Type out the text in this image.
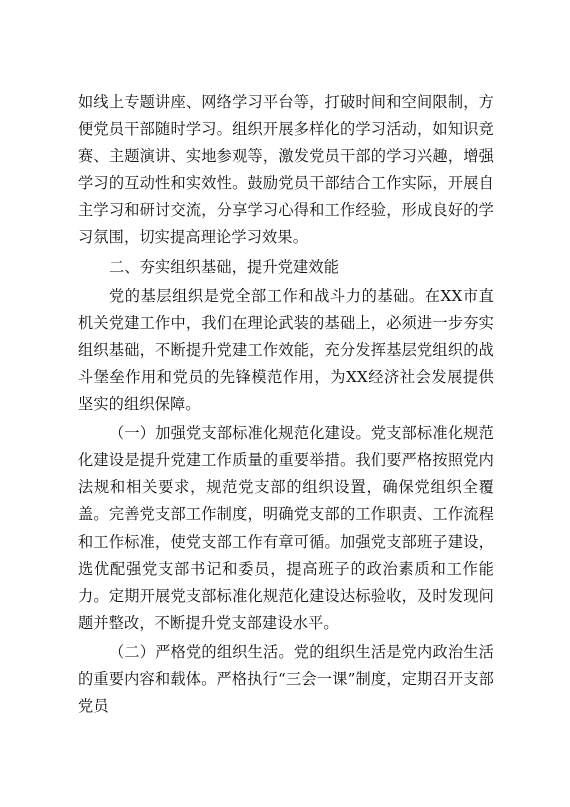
如线上专题讲座、网络学习平台等，打破时间和空间限制，方便党员干部随时学习。组织开展多样化的学习活动，如知识竞赛、主题演讲、实地参观等，激发党员干部的学习兴趣，增强学习的互动性和实效性。鼓励党员干部结合工作实际，开展自主学习和研讨交流，分享学习心得和工作经验，形成良好的学习氛围，切实提高理论学习效果。

二、夯实组织基础，提升党建效能

党的基层组织是党全部工作和战斗力的基础。在XX市直机关党建工作中，我们在理论武装的基础上，必须进一步夯实组织基础，不断提升党建工作效能，充分发挥基层党组织的战斗堡垒作用和党员的先锋模范作用，为XX经济社会发展提供坚实的组织保障。

（一）加强党支部标准化规范化建设。党支部标准化规范化建设是提升党建工作质量的重要举措。我们要严格按照党内法规和相关要求，规范党支部的组织设置，确保党组织全覆盖。完善党支部工作制度，明确党支部的工作职责、工作流程和工作标准，使党支部工作有章可循。加强党支部班子建设，选优配强党支部书记和委员，提高班子的政治素质和工作能力。定期开展党支部标准化规范化建设达标验收，及时发现问题并整改，不断提升党支部建设水平。

（二）严格党的组织生活。党的组织生活是党内政治生活的重要内容和载体。严格执行“三会一课”制度，定期召开支部党员
